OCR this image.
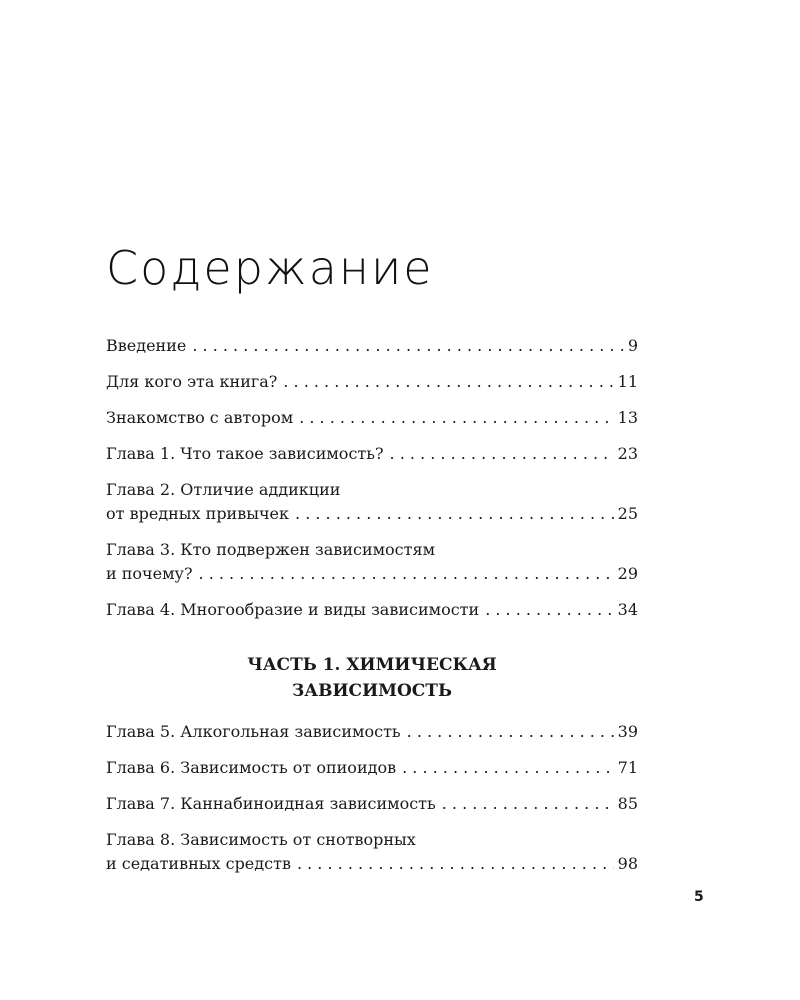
Содержание
Введение . . .	9
Для кого эта книга? . . .	11
Знакомство с автором . . .	13
Глава 1. Что такое зависимость? . . .	23
Глава 2. Отличие аддикции
от вредных привычек . . .	25
Глава 3. Кто подвержен зависимостям
и почему? . . .	29
Глава 4. Многообразие и виды зависимости . . .	34
ЧАСТЬ 1. ХИМИЧЕСКАЯ
ЗАВИСИМОСТЬ
Глава 5. Алкогольная зависимость . . .	39
Глава 6. Зависимость от опиоидов . . .	71
Глава 7. Каннабиноидная зависимость . . .	85
Глава 8. Зависимость от снотворных
и седативных средств . . .	98
5
